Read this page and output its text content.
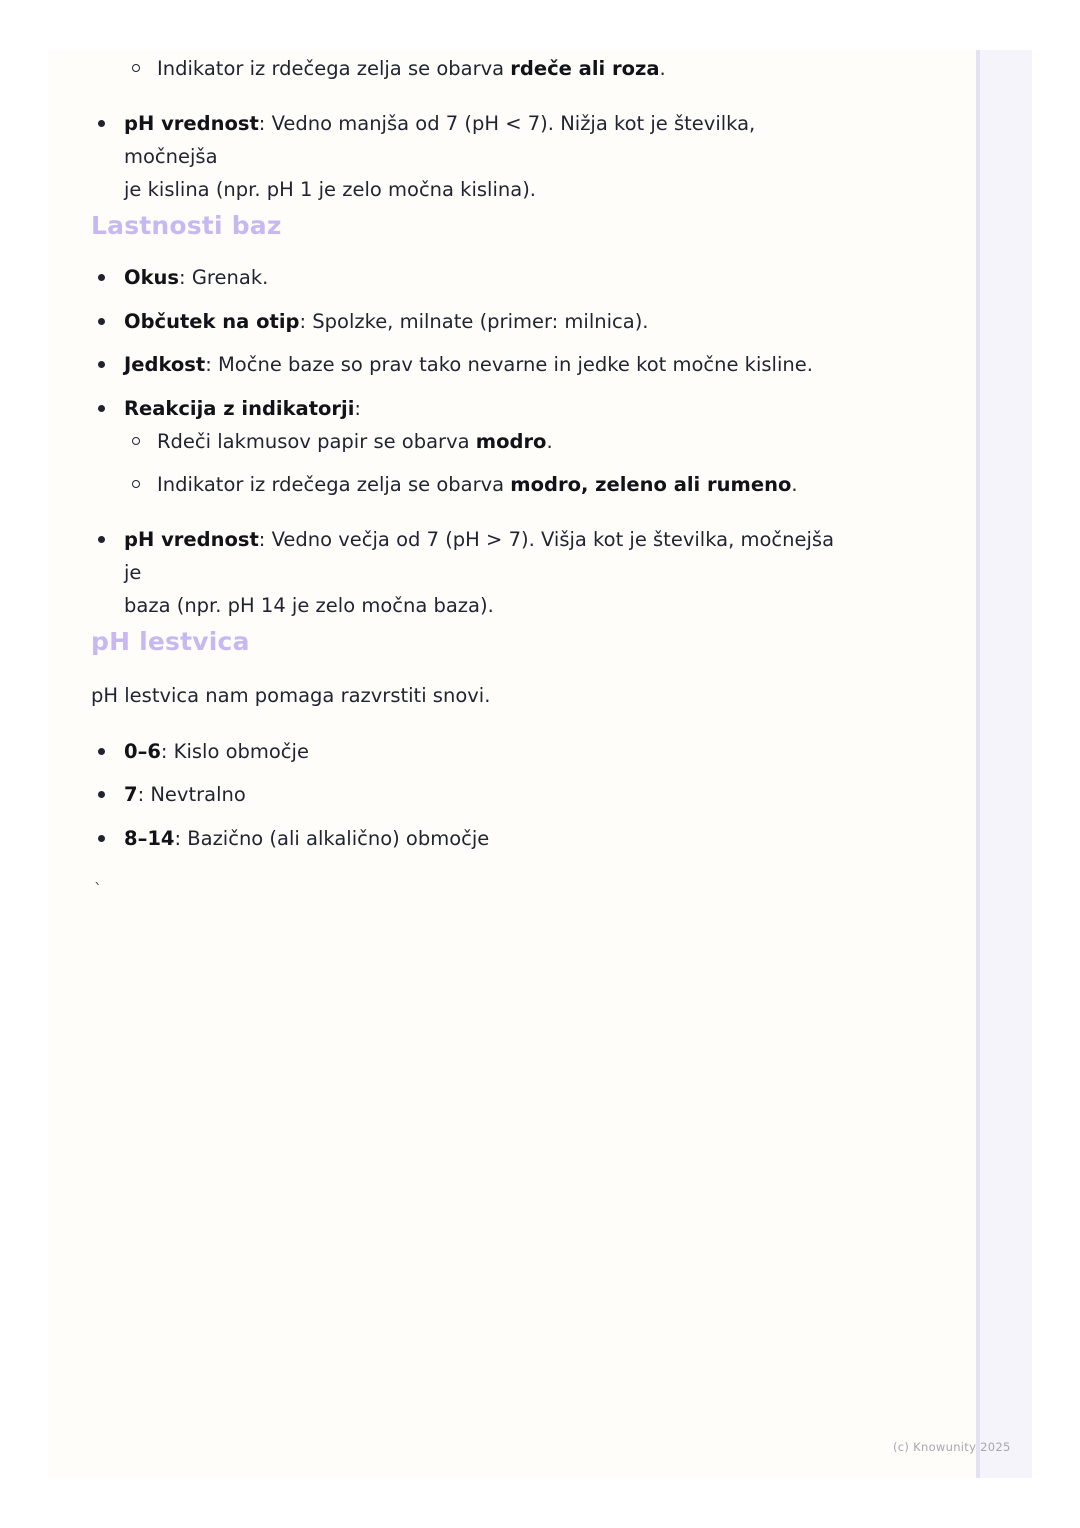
Indikator iz rdečega zelja se obarva rdeče ali roza.
pH vrednost: Vedno manjša od 7 (pH < 7). Nižja kot je številka, močnejša
je kislina (npr. pH 1 je zelo močna kislina).
Lastnosti baz
Okus: Grenak.
Občutek na otip: Spolzke, milnate (primer: milnica).
Jedkost: Močne baze so prav tako nevarne in jedke kot močne kisline.
Reakcija z indikatorji:
Rdeči lakmusov papir se obarva modro.
Indikator iz rdečega zelja se obarva modro, zeleno ali rumeno.
pH vrednost: Vedno večja od 7 (pH > 7). Višja kot je številka, močnejša je
baza (npr. pH 14 je zelo močna baza).
pH lestvica
pH lestvica nam pomaga razvrstiti snovi.
0–6: Kislo območje
7: Nevtralno
8–14: Bazično (ali alkalično) območje
`
(c) Knowunity 2025
